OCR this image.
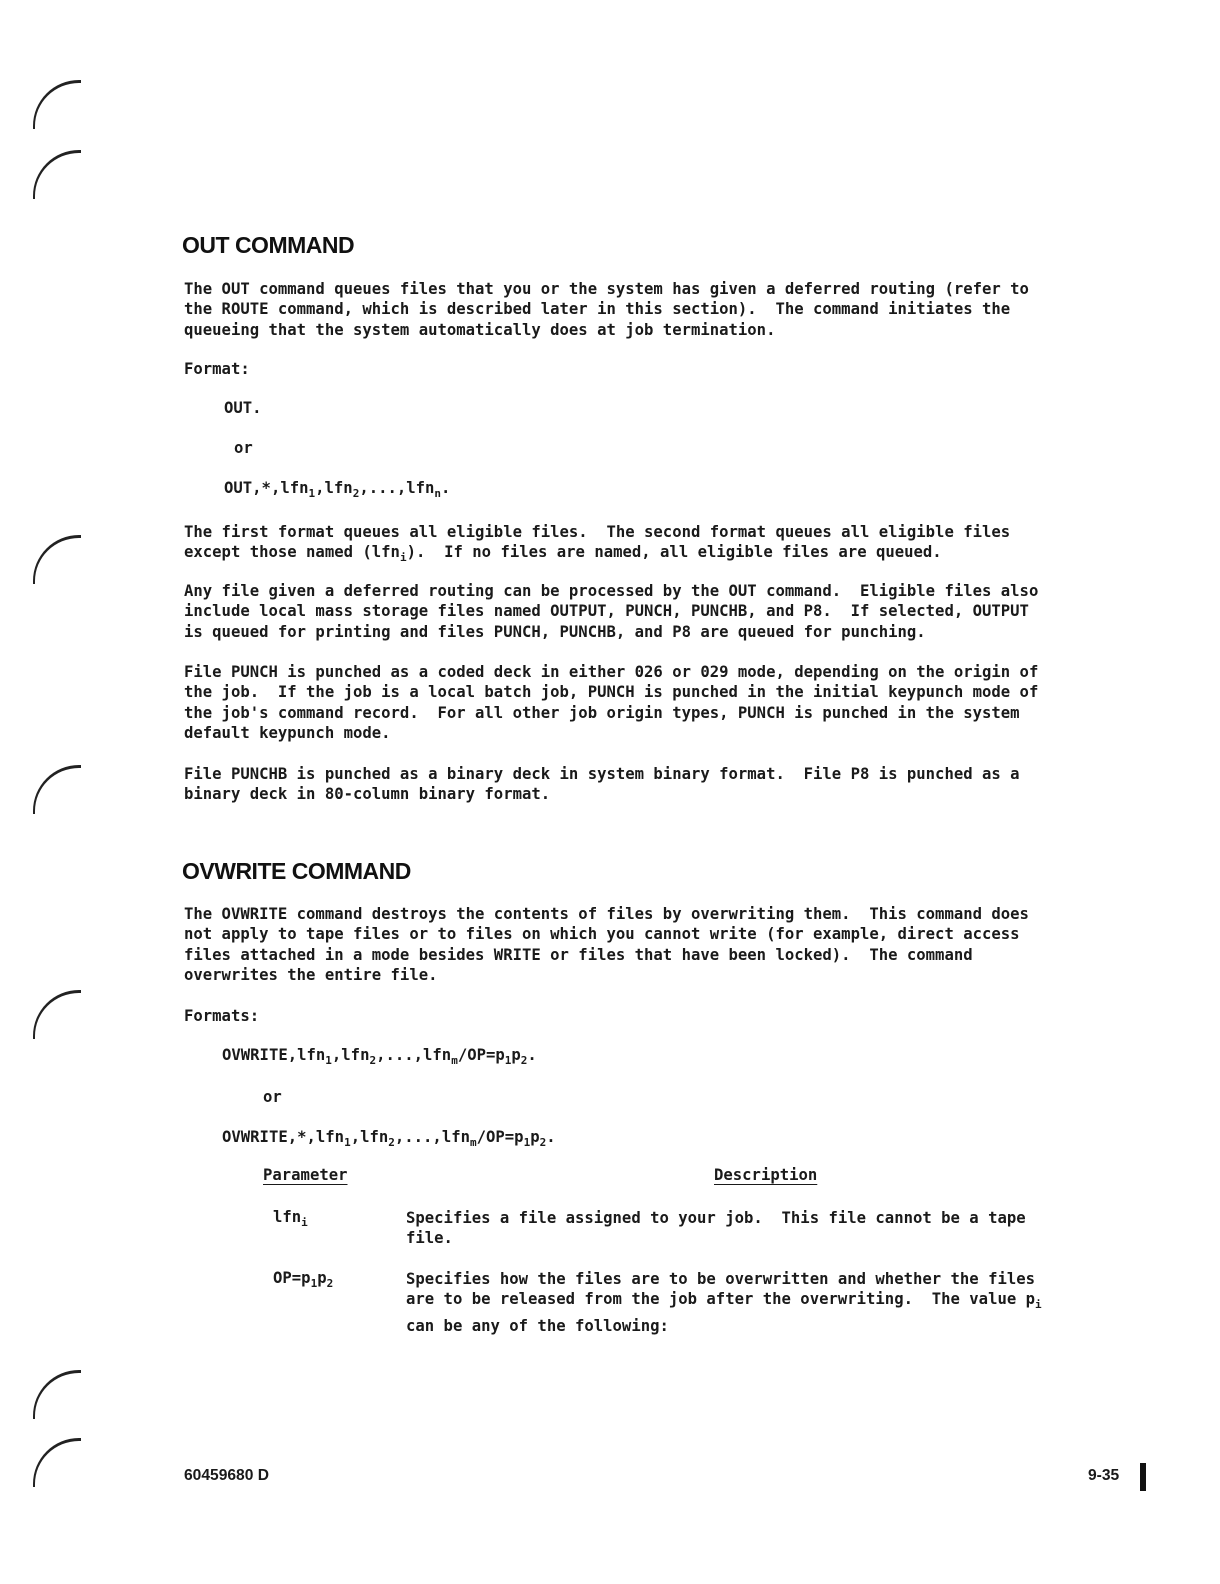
OUT COMMAND

The OUT command queues files that you or the system has given a deferred routing (refer to
the ROUTE command, which is described later in this section).  The command initiates the
queueing that the system automatically does at job termination.

Format:

OUT.

or

OUT,*,lfn$_1$,lfn$_2$,...,lfn$_n$.

The first format queues all eligible files.  The second format queues all eligible files
except those named (lfn$_i$).  If no files are named, all eligible files are queued.

Any file given a deferred routing can be processed by the OUT command.  Eligible files also
include local mass storage files named OUTPUT, PUNCH, PUNCHB, and P8.  If selected, OUTPUT
is queued for printing and files PUNCH, PUNCHB, and P8 are queued for punching.

File PUNCH is punched as a coded deck in either 026 or 029 mode, depending on the origin of
the job.  If the job is a local batch job, PUNCH is punched in the initial keypunch mode of
the job's command record.  For all other job origin types, PUNCH is punched in the system
default keypunch mode.

File PUNCHB is punched as a binary deck in system binary format.  File P8 is punched as a
binary deck in 80-column binary format.

OVWRITE COMMAND

The OVWRITE command destroys the contents of files by overwriting them.  This command does
not apply to tape files or to files on which you cannot write (for example, direct access
files attached in a mode besides WRITE or files that have been locked).  The command
overwrites the entire file.

Formats:

$OVWRITE,lfn_1,lfn_2,...,lfn_m/OP=p_1p_2$.

or

$OVWRITE,*,lfn_1,lfn_2,...,lfn_m/OP=p_1p_2$.

Parameter	Description

lfn$_i$	Specifies a file assigned to your job.  This file cannot be a tape
file.

$OP=p_1p_2$	Specifies how the files are to be overwritten and whether the files
are to be released from the job after the overwriting.  The value $p_i$
can be any of the following:

60459680 D	9-35
